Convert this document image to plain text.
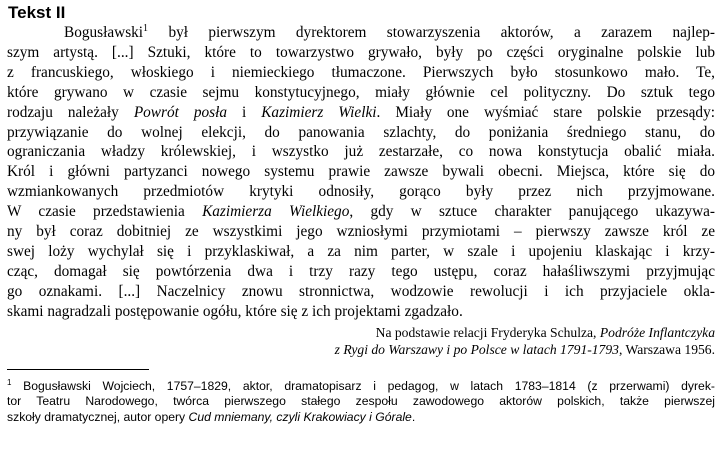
Tekst II
Bogusławski$^1$ był pierwszym dyrektorem stowarzyszenia aktorów, a zarazem najlep-
szym artystą. [...] Sztuki, które to towarzystwo grywało, były po części oryginalne polskie lub
z francuskiego, włoskiego i niemieckiego tłumaczone. Pierwszych było stosunkowo mało. Te,
które grywano w czasie sejmu konstytucyjnego, miały głównie cel polityczny. Do sztuk tego
rodzaju należały Powrót posła i Kazimierz Wielki. Miały one wyśmiać stare polskie przesądy:
przywiązanie do wolnej elekcji, do panowania szlachty, do poniżania średniego stanu, do
ograniczania władzy królewskiej, i wszystko już zestarzałe, co nowa konstytucja obalić miała.
Król i główni partyzanci nowego systemu prawie zawsze bywali obecni. Miejsca, które się do
wzmiankowanych przedmiotów krytyki odnosiły, gorąco były przez nich przyjmowane.
W czasie przedstawienia Kazimierza Wielkiego, gdy w sztuce charakter panującego ukazywa-
ny był coraz dobitniej ze wszystkimi jego wzniosłymi przymiotami – pierwszy zawsze król ze
swej loży wychylał się i przyklaskiwał, a za nim parter, w szale i upojeniu klaskając i krzy-
cząc, domagał się powtórzenia dwa i trzy razy tego ustępu, coraz hałaśliwszymi przyjmując
go oznakami. [...] Naczelnicy znowu stronnictwa, wodzowie rewolucji i ich przyjaciele okla-
skami nagradzali postępowanie ogółu, które się z ich projektami zgadzało.
Na podstawie relacji Fryderyka Schulza, Podróże Inflantczyka
z Rygi do Warszawy i po Polsce w latach 1791-1793, Warszawa 1956.
$^1$ Bogusławski Wojciech, 1757–1829, aktor, dramatopisarz i pedagog, w latach 1783–1814 (z przerwami) dyrek-
tor Teatru Narodowego, twórca pierwszego stałego zespołu zawodowego aktorów polskich, także pierwszej
szkoły dramatycznej, autor opery Cud mniemany, czyli Krakowiacy i Górale.
